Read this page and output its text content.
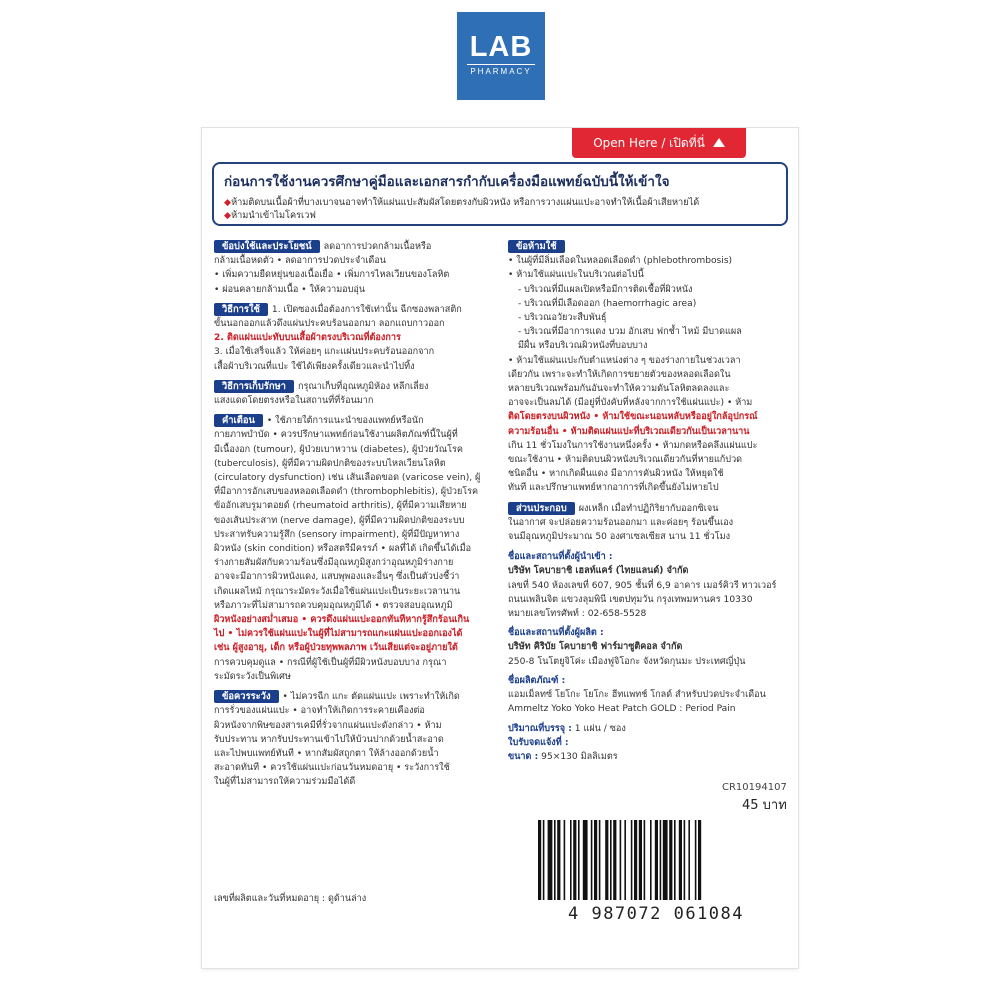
LAB
PHARMACY
Open Here / เปิดที่นี่
ก่อนการใช้งานควรศึกษาคู่มือและเอกสารกำกับเครื่องมือแพทย์ฉบับนี้ให้เข้าใจ
◆ห้ามติดบนเนื้อผ้าที่บางเบาจนอาจทำให้แผ่นแปะสัมผัสโดยตรงกับผิวหนัง หรือการวางแผ่นแปะอาจทำให้เนื้อผ้าเสียหายได้
◆ห้ามนำเข้าไมโครเวฟ
ข้อบ่งใช้และประโยชน์ ลดอาการปวดกล้ามเนื้อหรือ
กล้ามเนื้อหดตัว • ลดอาการปวดประจำเดือน
• เพิ่มความยืดหยุ่นของเนื้อเยื่อ • เพิ่มการไหลเวียนของโลหิต
• ผ่อนคลายกล้ามเนื้อ • ให้ความอบอุ่น
วิธีการใช้ 1. เปิดซองเมื่อต้องการใช้เท่านั้น ฉีกซองพลาสติก
ขั้นนอกออกแล้วดึงแผ่นประคบร้อนออกมา ลอกแถบกาวออก
2. ติดแผ่นแปะทับบนเสื้อผ้าตรงบริเวณที่ต้องการ
3. เมื่อใช้เสร็จแล้ว ให้ค่อยๆ แกะแผ่นประคบร้อนออกจาก
เสื้อผ้าบริเวณที่แปะ ใช้ได้เพียงครั้งเดียวและนำไปทิ้ง
วิธีการเก็บรักษา กรุณาเก็บที่อุณหภูมิห้อง หลีกเลี่ยง
แสงแดดโดยตรงหรือในสถานที่ที่ร้อนมาก
คำเตือน • ใช้ภายใต้การแนะนำของแพทย์หรือนัก
กายภาพบำบัด • ควรปรึกษาแพทย์ก่อนใช้งานผลิตภัณฑ์นี้ในผู้ที่
มีเนื้องอก (tumour), ผู้ป่วยเบาหวาน (diabetes), ผู้ป่วยวัณโรค
(tuberculosis), ผู้ที่มีความผิดปกติของระบบไหลเวียนโลหิต
(circulatory dysfunction) เช่น เส้นเลือดขอด (varicose vein), ผู้
ที่มีอาการอักเสบของหลอดเลือดดำ (thrombophlebitis), ผู้ป่วยโรค
ข้ออักเสบรูมาตอยด์ (rheumatoid arthritis), ผู้ที่มีความเสียหาย
ของเส้นประสาท (nerve damage), ผู้ที่มีความผิดปกติของระบบ
ประสาทรับความรู้สึก (sensory impairment), ผู้ที่มีปัญหาทาง
ผิวหนัง (skin condition) หรือสตรีมีครรภ์ • ผลที่ได้ เกิดขึ้นได้เมื่อ
ร่างกายสัมผัสกับความร้อนซึ่งมีอุณหภูมิสูงกว่าอุณหภูมิร่างกาย
อาจจะมีอาการผิวหนังแดง, แสบพุพองและอื่นๆ ซึ่งเป็นตัวบ่งชี้ว่า
เกิดแผลไหม้ กรุณาระมัดระวังเมื่อใช้แผ่นแปะเป็นระยะเวลานาน
หรือภาวะที่ไม่สามารถควบคุมอุณหภูมิได้ • ตรวจสอบอุณหภูมิ
ผิวหนังอย่างสม่ำเสมอ • ควรดึงแผ่นแปะออกทันทีหากรู้สึกร้อนเกิน
ไป • ไม่ควรใช้แผ่นแปะในผู้ที่ไม่สามารถแกะแผ่นแปะออกเองได้
เช่น ผู้สูงอายุ, เด็ก หรือผู้ป่วยทุพพลภาพ เว้นเสียแต่จะอยู่ภายใต้
การควบคุมดูแล • กรณีที่ผู้ใช้เป็นผู้ที่มีผิวหนังบอบบาง กรุณา
ระมัดระวังเป็นพิเศษ
ข้อควรระวัง • ไม่ควรฉีก แกะ ตัดแผ่นแปะ เพราะทำให้เกิด
การรั่วของแผ่นแปะ • อาจทำให้เกิดการระคายเคืองต่อ
ผิวหนังจากพิษของสารเคมีที่รั่วจากแผ่นแปะดังกล่าว • ห้าม
รับประทาน หากรับประทานเข้าไปให้บ้วนปากด้วยน้ำสะอาด
และไปพบแพทย์ทันที • หากสัมผัสถูกตา ให้ล้างออกด้วยน้ำ
สะอาดทันที • ควรใช้แผ่นแปะก่อนวันหมดอายุ • ระวังการใช้
ในผู้ที่ไม่สามารถให้ความร่วมมือได้ดี
ข้อห้ามใช้
• ในผู้ที่มีลิ่มเลือดในหลอดเลือดดำ (phlebothrombosis)
• ห้ามใช้แผ่นแปะในบริเวณต่อไปนี้
- บริเวณที่มีแผลเปิดหรือมีการติดเชื้อที่ผิวหนัง
- บริเวณที่มีเลือดออก (haemorrhagic area)
- บริเวณอวัยวะสืบพันธุ์
- บริเวณที่มีอาการแดง บวม อักเสบ ฟกช้ำ ไหม้ มีบาดแผล
มีผื่น หรือบริเวณผิวหนังที่บอบบาง
• ห้ามใช้แผ่นแปะกับตำแหน่งต่าง ๆ ของร่างกายในช่วงเวลา
เดียวกัน เพราะจะทำให้เกิดการขยายตัวของหลอดเลือดใน
หลายบริเวณพร้อมกันอันจะทำให้ความดันโลหิตลดลงและ
อาจจะเป็นลมได้ (มีอยู่ที่บังคับที่หลังจากการใช้แผ่นแปะ) • ห้าม
ติดโดยตรงบนผิวหนัง • ห้ามใช้ขณะนอนหลับหรืออยู่ใกล้อุปกรณ์
ความร้อนอื่น • ห้ามติดแผ่นแปะที่บริเวณเดียวกันเป็นเวลานาน
เกิน 11 ชั่วโมงในการใช้งานหนึ่งครั้ง • ห้ามกดหรือคลึงแผ่นแปะ
ขณะใช้งาน • ห้ามติดบนผิวหนังบริเวณเดียวกันที่หายแก้ปวด
ชนิดอื่น • หากเกิดผื่นแดง มีอาการคันผิวหนัง ให้หยุดใช้
ทันที และปรึกษาแพทย์หากอาการที่เกิดขึ้นยังไม่หายไป
ส่วนประกอบ ผงเหล็ก เมื่อทำปฏิกิริยากับออกซิเจน
ในอากาศ จะปล่อยความร้อนออกมา และค่อยๆ ร้อนขึ้นเอง
จนมีอุณหภูมิประมาณ 50 องศาเซลเซียส นาน 11 ชั่วโมง
ชื่อและสถานที่ตั้งผู้นำเข้า :
บริษัท โคบายาชิ เฮลท์แคร์ (ไทยแลนด์) จำกัด
เลขที่ 540 ห้องเลขที่ 607, 905 ชั้นที่ 6,9 อาคาร เมอร์คิวรี ทาวเวอร์
ถนนเพลินจิต แขวงลุมพินี เขตปทุมวัน กรุงเทพมหานคร 10330
หมายเลขโทรศัพท์ : 02-658-5528
ชื่อและสถานที่ตั้งผู้ผลิต :
บริษัท คิริบัย โคบายาชิ ฟาร์มาซูติคอล จำกัด
250-8 โนโตยูจิโค่ะ เมืองฟูจิโอกะ จังหวัดกุนมะ ประเทศญี่ปุ่น
ชื่อผลิตภัณฑ์ :
แอมเม็ลทซ์ โยโกะ โยโกะ ฮีทแพทช์ โกลด์ สำหรับปวดประจำเดือน
Ammeltz Yoko Yoko Heat Patch GOLD : Period Pain
ปริมาณที่บรรจุ : 1 แผ่น / ซอง
ใบรับจดแจ้งที่ :
ขนาด : 95×130 มิลลิเมตร
CR10194107
45 บาท
4 987072 061084
เลขที่ผลิตและวันที่หมดอายุ : ดูด้านล่าง
